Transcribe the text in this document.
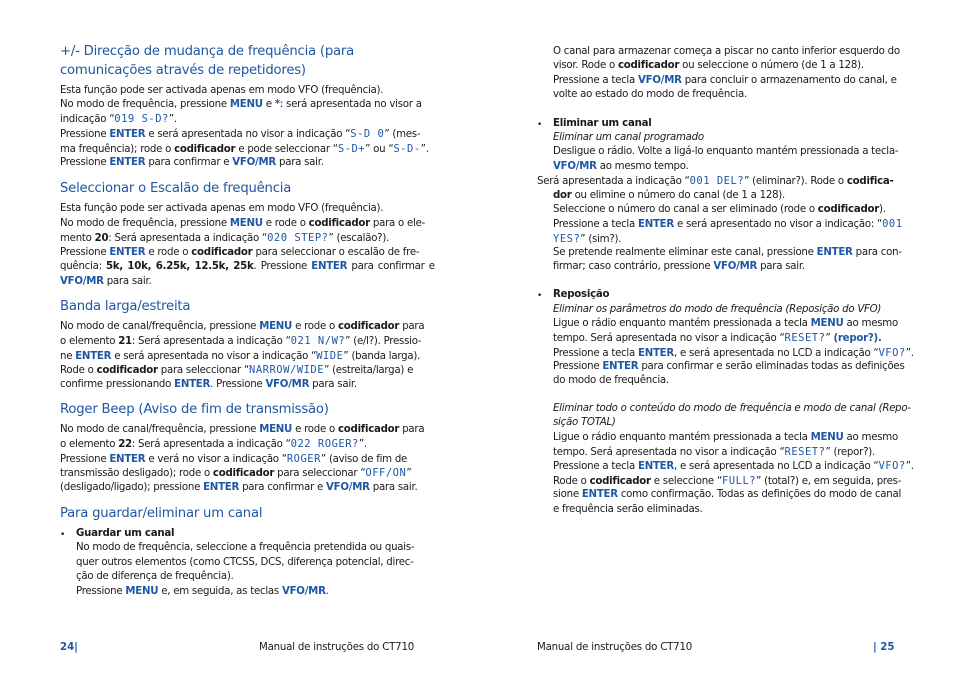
+/- Direcção de mudança de frequência (para
comunicações através de repetidores)
Esta função pode ser activada apenas em modo VFO (frequência).
No modo de frequência, pressione MENU e *: será apresentada no visor a
indicação “019 S-D?”.
Pressione ENTER e será apresentada no visor a indicação “S-D 0” (mes-
ma frequência); rode o codificador e pode seleccionar “S-D+” ou “S-D-”.
Pressione ENTER para confirmar e VFO/MR para sair.
Seleccionar o Escalão de frequência
Esta função pode ser activada apenas em modo VFO (frequência).
No modo de frequência, pressione MENU e rode o codificador para o ele-
mento 20: Será apresentada a indicação “020 STEP?” (escalão?).
Pressione ENTER e rode o codificador para seleccionar o escalão de fre-
quência: 5k, 10k, 6.25k, 12.5k, 25k. Pressione ENTER para confirmar e
VFO/MR para sair.
Banda larga/estreita
No modo de canal/frequência, pressione MENU e rode o codificador para
o elemento 21: Será apresentada a indicação “021 N/W?” (e/l?). Pressio-
ne ENTER e será apresentada no visor a indicação “WIDE” (banda larga).
Rode o codificador para seleccionar “NARROW/WIDE” (estreita/larga) e
confirme pressionando ENTER. Pressione VFO/MR para sair.
Roger Beep (Aviso de fim de transmissão)
No modo de canal/frequência, pressione MENU e rode o codificador para
o elemento 22: Será apresentada a indicação “022 ROGER?”.
Pressione ENTER e verá no visor a indicação “ROGER” (aviso de fim de
transmissão desligado); rode o codificador para seleccionar “OFF/ON”
(desligado/ligado); pressione ENTER para confirmar e VFO/MR para sair.
Para guardar/eliminar um canal
• Guardar um canal
No modo de frequência, seleccione a frequência pretendida ou quais-
quer outros elementos (como CTCSS, DCS, diferença potencial, direc-
ção de diferença de frequência).
Pressione MENU e, em seguida, as teclas VFO/MR.
24|	Manual de instruções do CT710
O canal para armazenar começa a piscar no canto inferior esquerdo do
visor. Rode o codificador ou seleccione o número (de 1 a 128).
Pressione a tecla VFO/MR para concluir o armazenamento do canal, e
volte ao estado do modo de frequência.
• Eliminar um canal
Eliminar um canal programado
Desligue o rádio. Volte a ligá-lo enquanto mantém pressionada a tecla-
VFO/MR ao mesmo tempo.
Será apresentada a indicação “001 DEL?” (eliminar?). Rode o codifica-
dor ou elimine o número do canal (de 1 a 128).
Seleccione o número do canal a ser eliminado (rode o codificador).
Pressione a tecla ENTER e será apresentado no visor a indicação: “001
YES?” (sim?).
Se pretende realmente eliminar este canal, pressione ENTER para con-
firmar; caso contrário, pressione VFO/MR para sair.
• Reposição
Eliminar os parâmetros do modo de frequência (Reposição do VFO)
Ligue o rádio enquanto mantém pressionada a tecla MENU ao mesmo
tempo. Será apresentada no visor a indicação “RESET?” (repor?).
Pressione a tecla ENTER, e será apresentada no LCD a indicação “VFO?”.
Pressione ENTER para confirmar e serão eliminadas todas as definições
do modo de frequência.
Eliminar todo o conteúdo do modo de frequência e modo de canal (Repo-
sição TOTAL)
Ligue o rádio enquanto mantém pressionada a tecla MENU ao mesmo
tempo. Será apresentada no visor a indicação “RESET?” (repor?).
Pressione a tecla ENTER, e será apresentada no LCD a indicação “VFO?”.
Rode o codificador e seleccione “FULL?” (total?) e, em seguida, pres-
sione ENTER como confirmação. Todas as definições do modo de canal
e frequência serão eliminadas.
Manual de instruções do CT710	| 25
